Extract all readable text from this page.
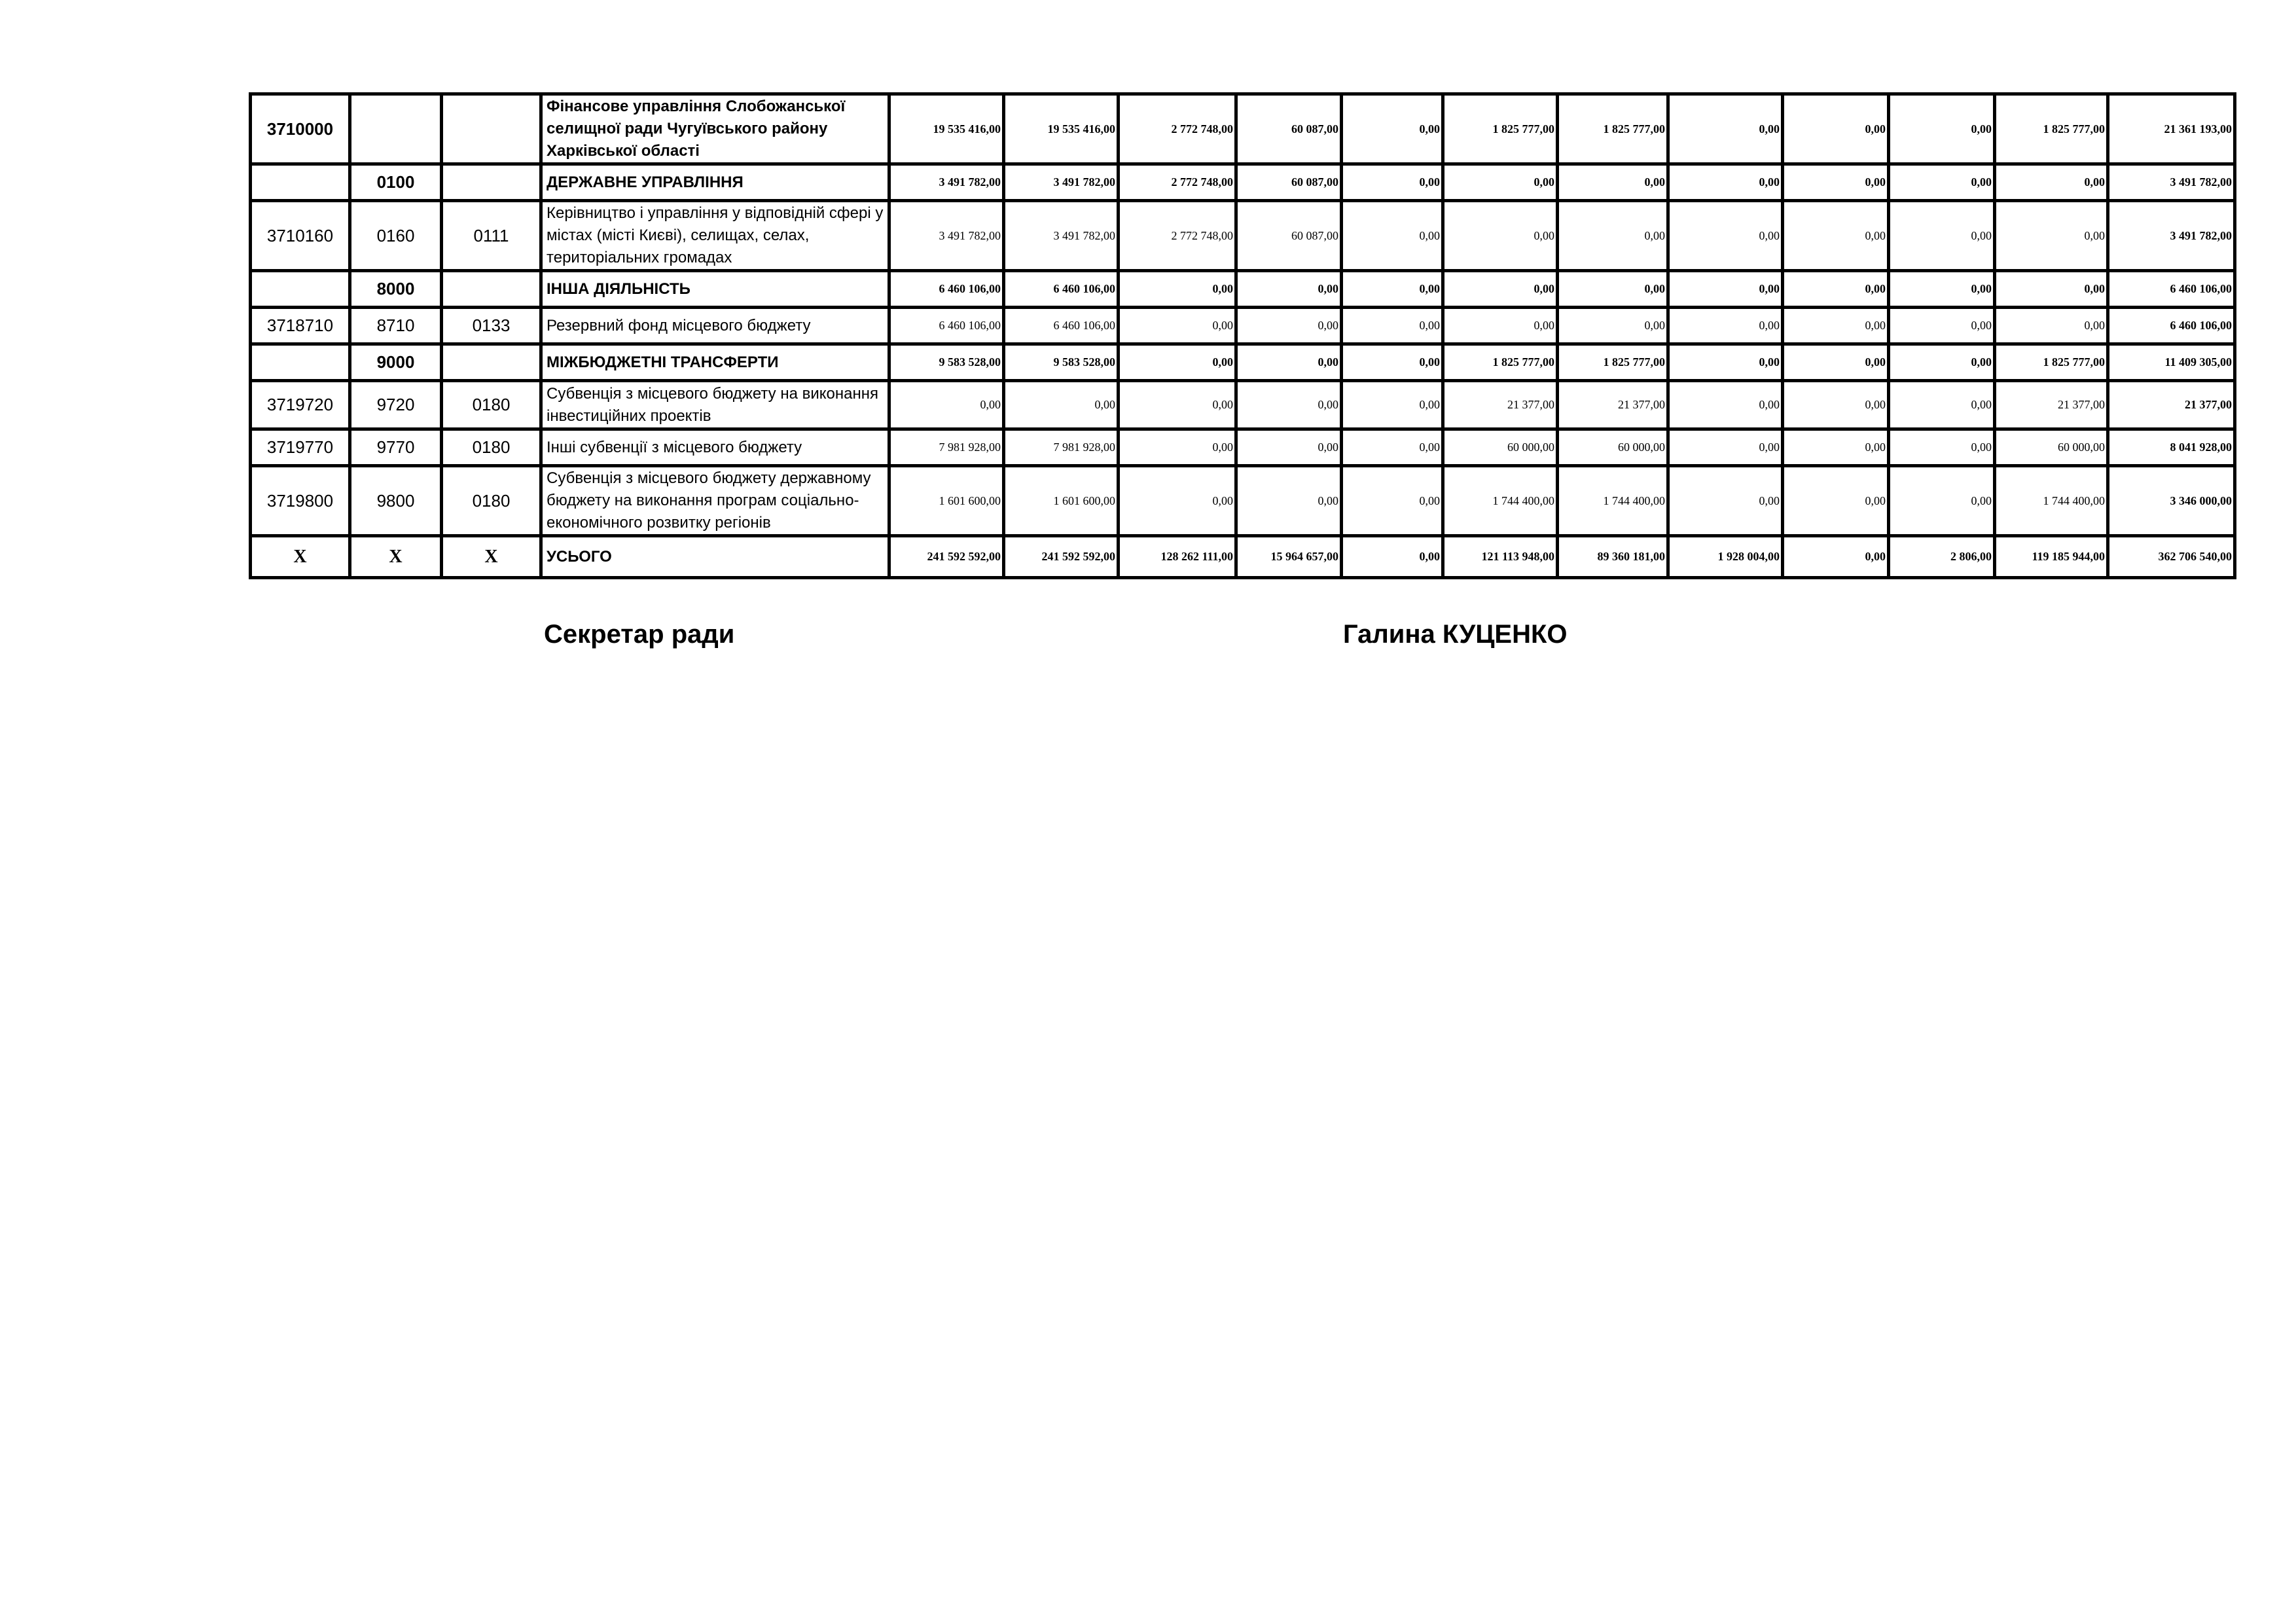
3710000			Фінансове управління Слобожанської селищної ради Чугуївського району Харківської області	19 535 416,00	19 535 416,00	2 772 748,00	60 087,00	0,00	1 825 777,00	1 825 777,00	0,00	0,00	0,00	1 825 777,00	21 361 193,00
	0100		ДЕРЖАВНЕ УПРАВЛІННЯ	3 491 782,00	3 491 782,00	2 772 748,00	60 087,00	0,00	0,00	0,00	0,00	0,00	0,00	0,00	3 491 782,00
3710160	0160	0111	Керівництво і управління у відповідній сфері у містах (місті Києві), селищах, селах, територіальних громадах	3 491 782,00	3 491 782,00	2 772 748,00	60 087,00	0,00	0,00	0,00	0,00	0,00	0,00	0,00	3 491 782,00
	8000		ІНША ДІЯЛЬНІСТЬ	6 460 106,00	6 460 106,00	0,00	0,00	0,00	0,00	0,00	0,00	0,00	0,00	0,00	6 460 106,00
3718710	8710	0133	Резервний фонд місцевого бюджету	6 460 106,00	6 460 106,00	0,00	0,00	0,00	0,00	0,00	0,00	0,00	0,00	0,00	6 460 106,00
	9000		МІЖБЮДЖЕТНІ ТРАНСФЕРТИ	9 583 528,00	9 583 528,00	0,00	0,00	0,00	1 825 777,00	1 825 777,00	0,00	0,00	0,00	1 825 777,00	11 409 305,00
3719720	9720	0180	Субвенція з місцевого бюджету на виконання інвестиційних проектів	0,00	0,00	0,00	0,00	0,00	21 377,00	21 377,00	0,00	0,00	0,00	21 377,00	21 377,00
3719770	9770	0180	Інші субвенції з місцевого бюджету	7 981 928,00	7 981 928,00	0,00	0,00	0,00	60 000,00	60 000,00	0,00	0,00	0,00	60 000,00	8 041 928,00
3719800	9800	0180	Субвенція з місцевого бюджету державному бюджету на виконання програм соціально-економічного розвитку регіонів	1 601 600,00	1 601 600,00	0,00	0,00	0,00	1 744 400,00	1 744 400,00	0,00	0,00	0,00	1 744 400,00	3 346 000,00
X	X	X	УСЬОГО	241 592 592,00	241 592 592,00	128 262 111,00	15 964 657,00	0,00	121 113 948,00	89 360 181,00	1 928 004,00	0,00	2 806,00	119 185 944,00	362 706 540,00
Секретар ради	Галина КУЦЕНКО
